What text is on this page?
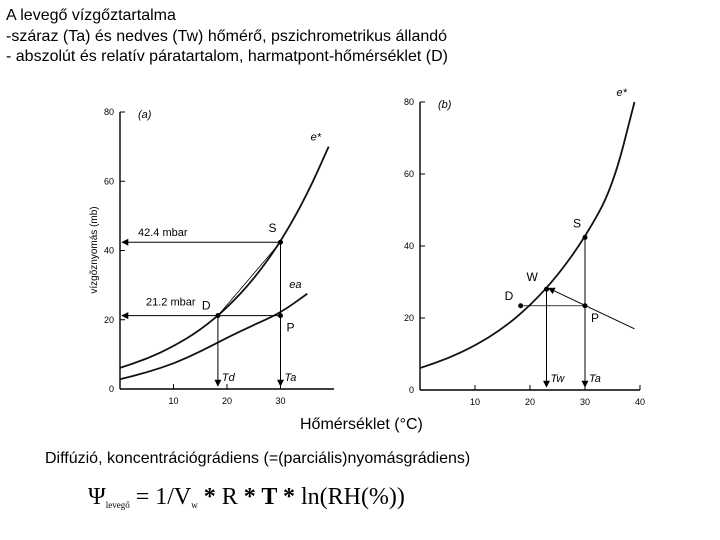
A levegő vízgőztartalma
-száraz (Ta) és nedves (Tw) hőmérő, pszichrometrikus állandó
- abszolút és relatív páratartalom, harmatpont-hőmérséklet (D)
0
20
40
60
80
10	20	30
(a)
vízgőznyomás (mb)
e*
ea
S
D
P
42.4 mbar
21.2 mbar
Td	Ta
0
20
40
60
80
10	20	30	40
(b)
e*
S
W
D
P
Tw Ta
Hőmérséklet (°C)
Diffúzió, koncentrációgrádiens (=(parciális)nyomásgrádiens)
$\Psi_{levegő} = 1/V_w * R * T * \ln(RH(\%))$
